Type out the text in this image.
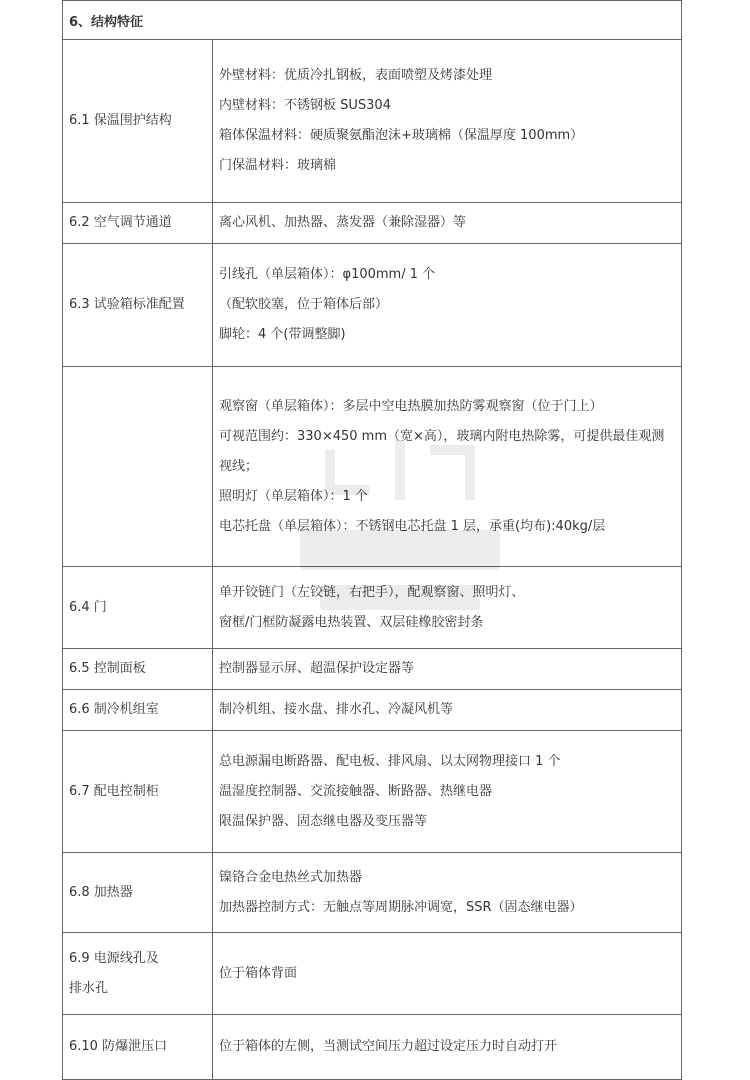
6、结构特征	

6.1 保温围护结构	外壁材料：优质冷扎钢板，表面喷塑及烤漆处理
内壁材料：不锈钢板 SUS304
箱体保温材料：硬质聚氨酯泡沫+玻璃棉（保温厚度 100mm）
门保温材料：玻璃棉

6.2 空气调节通道	离心风机、加热器、蒸发器（兼除湿器）等

6.3 试验箱标准配置	引线孔（单层箱体）：φ100mm/ 1 个
（配软胶塞，位于箱体后部）
脚轮：4 个(带调整脚)

	观察窗（单层箱体）：多层中空电热膜加热防雾观察窗（位于门上）
可视范围约：330×450 mm（宽×高），玻璃内附电热除雾，可提供最佳观测
视线；
照明灯（单层箱体）：1 个
电芯托盘（单层箱体）：不锈钢电芯托盘 1 层，承重(均布):40kg/层

6.4 门	单开铰链门（左铰链，右把手），配观察窗、照明灯、
窗框/门框防凝露电热装置、双层硅橡胶密封条

6.5 控制面板	控制器显示屏、超温保护设定器等

6.6 制冷机组室	制冷机组、接水盘、排水孔、冷凝风机等

6.7 配电控制柜	总电源漏电断路器、配电板、排风扇、以太网物理接口 1 个
温湿度控制器、交流接触器、断路器、热继电器
限温保护器、固态继电器及变压器等

6.8 加热器	镍铬合金电热丝式加热器
加热器控制方式：无触点等周期脉冲调宽，SSR（固态继电器）

6.9 电源线孔及
排水孔	位于箱体背面

6.10 防爆泄压口	位于箱体的左侧，当测试空间压力超过设定压力时自动打开
